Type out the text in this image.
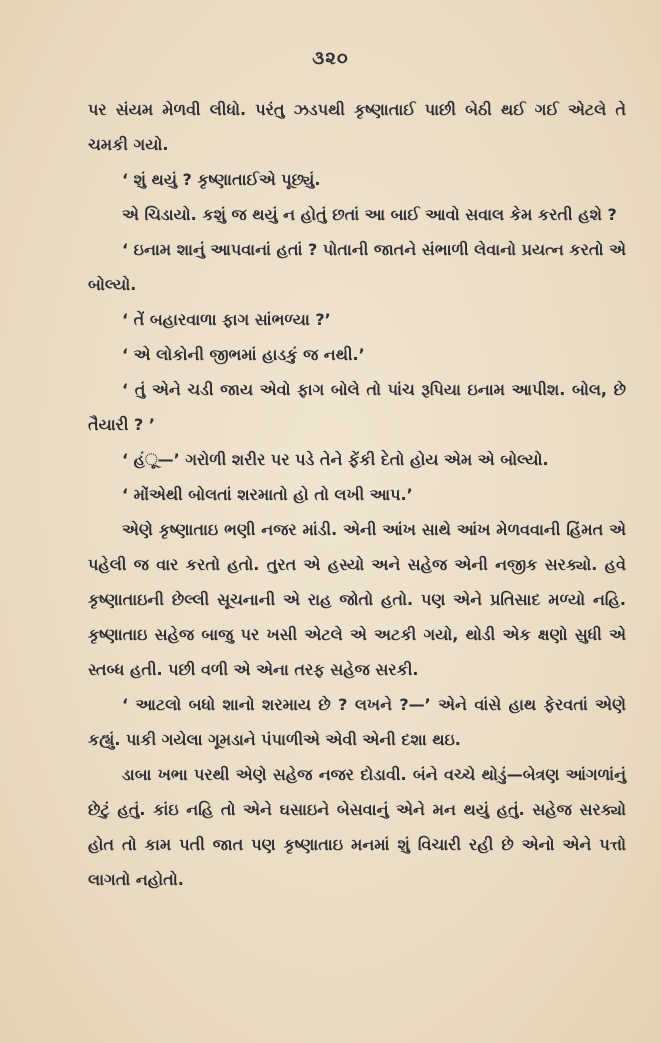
૩૨૦

પર સંયમ મેળવી લીધો. પરંતુ ઝડપથી કૃષ્ણાતાઈ પાછી બેઠી થઈ ગઈ એટલે તે ચમકી ગયો.

‘ શું થયું ? કૃષ્ણાતાઈએ પૂછ્યું.

એ ચિડાયો. કશું જ થયું ન હોતું છતાં આ બાઈ આવો સવાલ કેમ કરતી હશે ?

‘ ઇનામ શાનું આપવાનાં હતાં ? પોતાની જાતને સંભાળી લેવાનો પ્રયત્ન કરતો એ બોલ્યો.

‘ તેં બહારવાળા ફાગ સાંભળ્યા ?’

‘ એ લોકોની જીભમાં હાડકું જ નથી.’

‘ તું એને ચડી જાય એવો ફાગ બોલે તો પાંચ રૂપિયા ઇનામ આપીશ. બોલ, છે તૈયારી ? ’

‘ હંૂ—’ ગરોળી શરીર પર પડે તેને ફેંકી દેતો હોય એમ એ બોલ્યો.

‘ મોંએથી બોલતાં શરમાતો હો તો લખી આપ.’

એણે કૃષ્ણાતાઇ ભણી નજર માંડી. એની આંખ સાથે આંખ મેળવવાની હિંમત એ પહેલી જ વાર કરતો હતો. તુરત એ હસ્યો અને સહેજ એની નજીક સરક્યો. હવે કૃષ્ણાતાઇની છેલ્લી સૂચનાની એ રાહ જોતો હતો. પણ એને પ્રતિસાદ મળ્યો નહિ. કૃષ્ણાતાઇ સહેજ બાજુ પર ખસી એટલે એ અટકી ગયો, થોડી એક ક્ષણો સુધી એ સ્તબ્ધ હતી. પછી વળી એ એના તરફ સહેજ સરકી.

‘ આટલો બધો શાનો શરમાય છે ? લખને ?—’ એને વાંસે હાથ ફેરવતાં એણે કહ્યું. પાકી ગયેલા ગૂમડાને પંપાળીએ એવી એની દશા થઇ.

ડાબા ખભા પરથી એણે સહેજ નજર દોડાવી. બંને વચ્ચે થોડું—બેત્રણ આંગળાંનું છેટું હતું. કાંઇ નહિ તો એને ઘસાઇને બેસવાનું એને મન થયું હતું. સહેજ સરક્યો હોત તો કામ પતી જાત પણ કૃષ્ણાતાઇ મનમાં શું વિચારી રહી છે એનો એને પત્તો લાગતો નહોતો.
